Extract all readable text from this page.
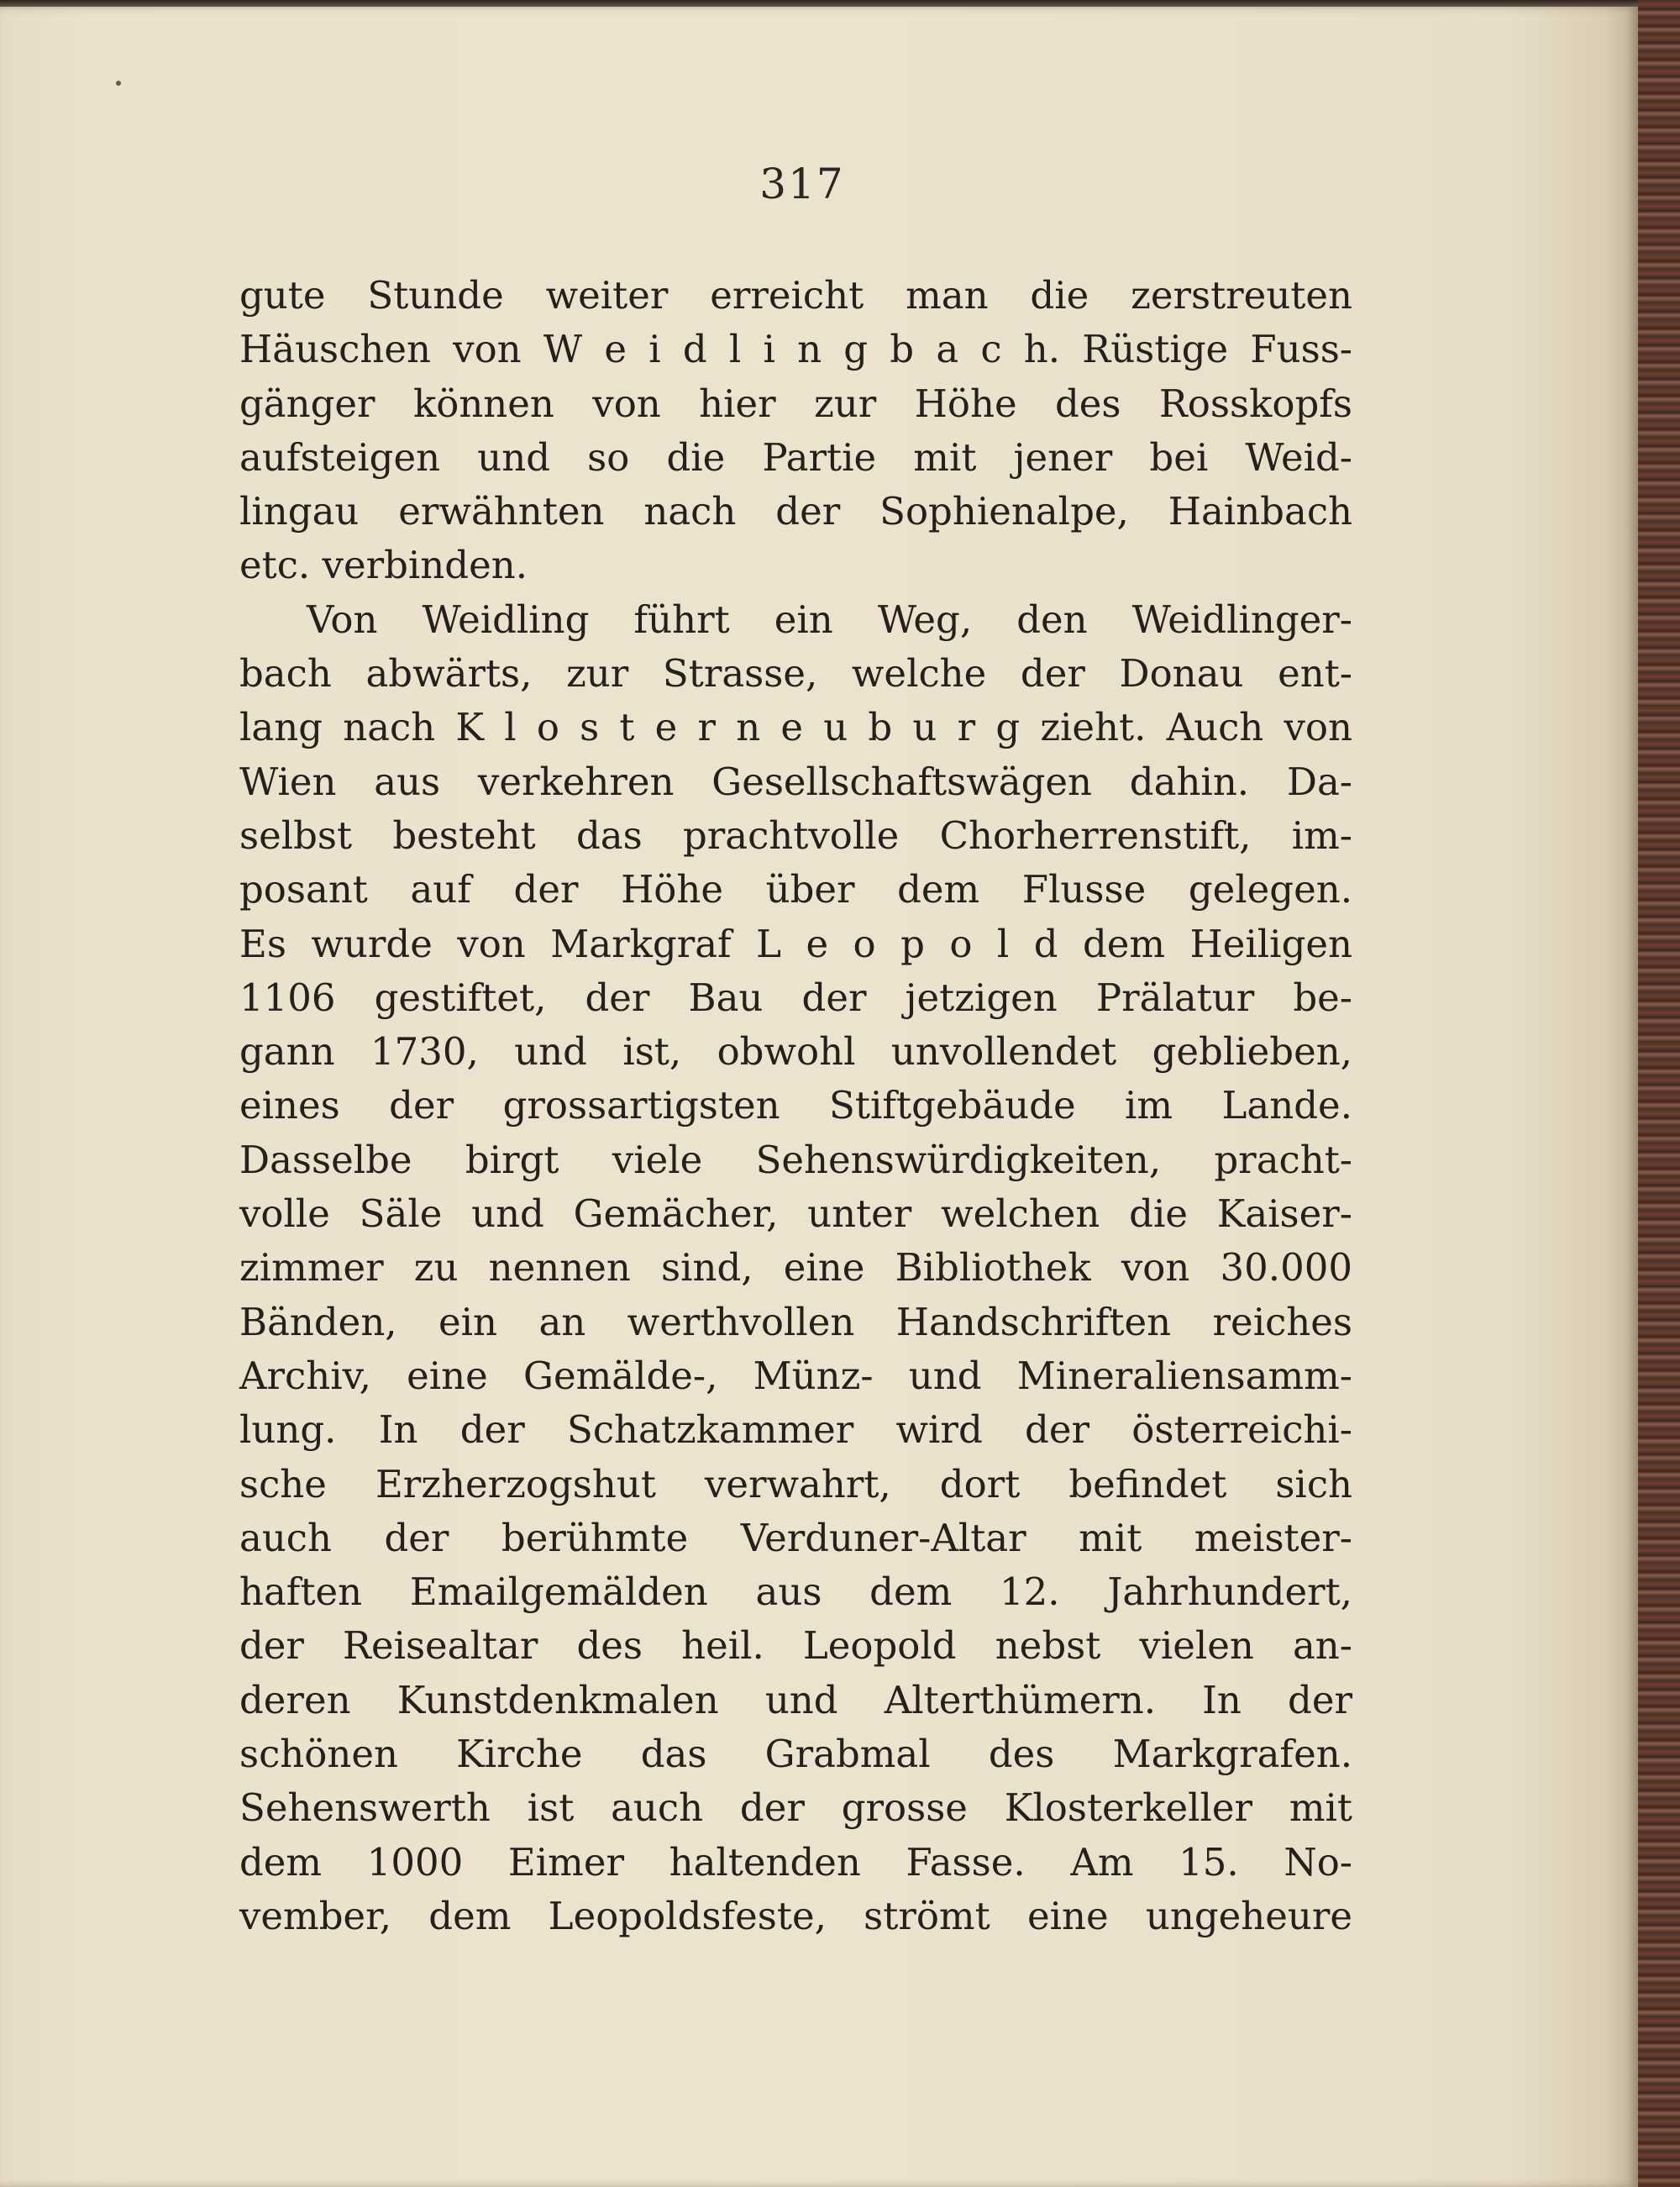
317
gute Stunde weiter erreicht man die zerstreuten
Häuschen von W e i d l i n g b a c h. Rüstige Fuss-
gänger können von hier zur Höhe des Rosskopfs
aufsteigen und so die Partie mit jener bei Weid-
lingau erwähnten nach der Sophienalpe, Hainbach
etc. verbinden.
Von Weidling führt ein Weg, den Weidlinger-
bach abwärts, zur Strasse, welche der Donau ent-
lang nach K l o s t e r n e u b u r g zieht. Auch von
Wien aus verkehren Gesellschaftswägen dahin. Da-
selbst besteht das prachtvolle Chorherrenstift, im-
posant auf der Höhe über dem Flusse gelegen.
Es wurde von Markgraf L e o p o l d dem Heiligen
1106 gestiftet, der Bau der jetzigen Prälatur be-
gann 1730, und ist, obwohl unvollendet geblieben,
eines der grossartigsten Stiftgebäude im Lande.
Dasselbe birgt viele Sehenswürdigkeiten, pracht-
volle Säle und Gemächer, unter welchen die Kaiser-
zimmer zu nennen sind, eine Bibliothek von 30.000
Bänden, ein an werthvollen Handschriften reiches
Archiv, eine Gemälde-, Münz- und Mineraliensamm-
lung. In der Schatzkammer wird der österreichi-
sche Erzherzogshut verwahrt, dort befindet sich
auch der berühmte Verduner-Altar mit meister-
haften Emailgemälden aus dem 12. Jahrhundert,
der Reisealtar des heil. Leopold nebst vielen an-
deren Kunstdenkmalen und Alterthümern. In der
schönen Kirche das Grabmal des Markgrafen.
Sehenswerth ist auch der grosse Klosterkeller mit
dem 1000 Eimer haltenden Fasse. Am 15. No-
vember, dem Leopoldsfeste, strömt eine ungeheure
